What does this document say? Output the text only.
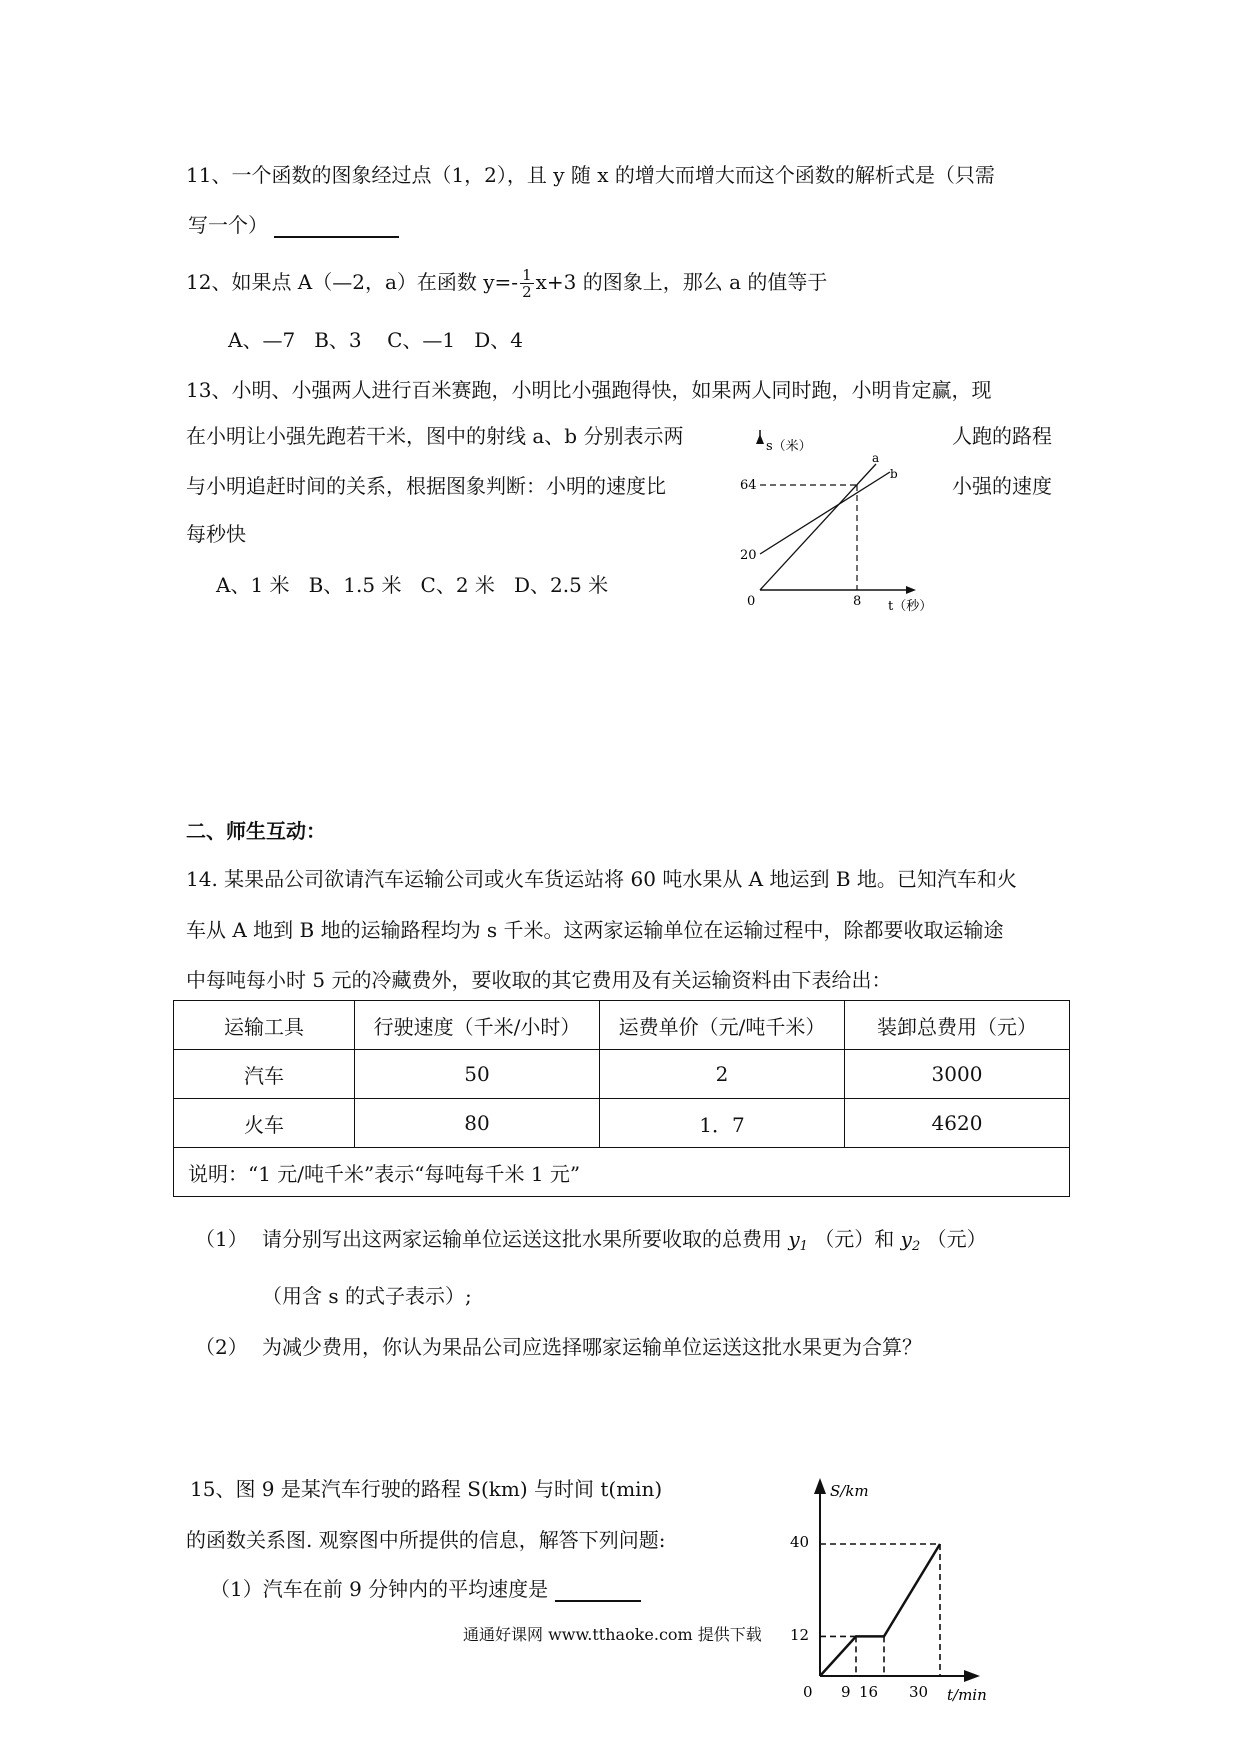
11、一个函数的图象经过点（1，2），且 y 随 x 的增大而增大而这个函数的解析式是（只需
写一个）
12、如果点 A（—2，a）在函数 $y=- \frac{1}{2} x+3$ 的图象上，那么 a 的值等于
A、—7   B、3    C、—1   D、4
13、小明、小强两人进行百米赛跑，小明比小强跑得快，如果两人同时跑，小明肯定赢，现
在小明让小强先跑若干米，图中的射线 a、b 分别表示两	人跑的路程
与小明追赶时间的关系，根据图象判断：小明的速度比	小强的速度
每秒快
A、1 米   B、1.5 米   C、2 米   D、2.5 米
s（米）
t（秒）
0
64
20
8
a
b
二、师生互动：
14. 某果品公司欲请汽车运输公司或火车货运站将 60 吨水果从 A 地运到 B 地。已知汽车和火
车从 A 地到 B 地的运输路程均为 s 千米。这两家运输单位在运输过程中，除都要收取运输途
中每吨每小时 5 元的冷藏费外，要收取的其它费用及有关运输资料由下表给出：
运输工具	行驶速度（千米/小时）	运费单价（元/吨千米）	装卸总费用（元）
汽车	50	2	3000
火车	80	1．7	4620
说明：“1 元/吨千米”表示“每吨每千米 1 元”			
（1） 请分别写出这两家运输单位运送这批水果所要收取的总费用 $y_1$ （元）和 $y_2$ （元）
（用含 s 的式子表示）;
（2） 为减少费用，你认为果品公司应选择哪家运输单位运送这批水果更为合算？
15、图 9 是某汽车行驶的路程 S(km) 与时间 t(min)
的函数关系图. 观察图中所提供的信息，解答下列问题:
（1）汽车在前 9 分钟内的平均速度是
S/km
t/min
0
40
12
9 16 30
通通好课网 www.tthaoke.com 提供下载
